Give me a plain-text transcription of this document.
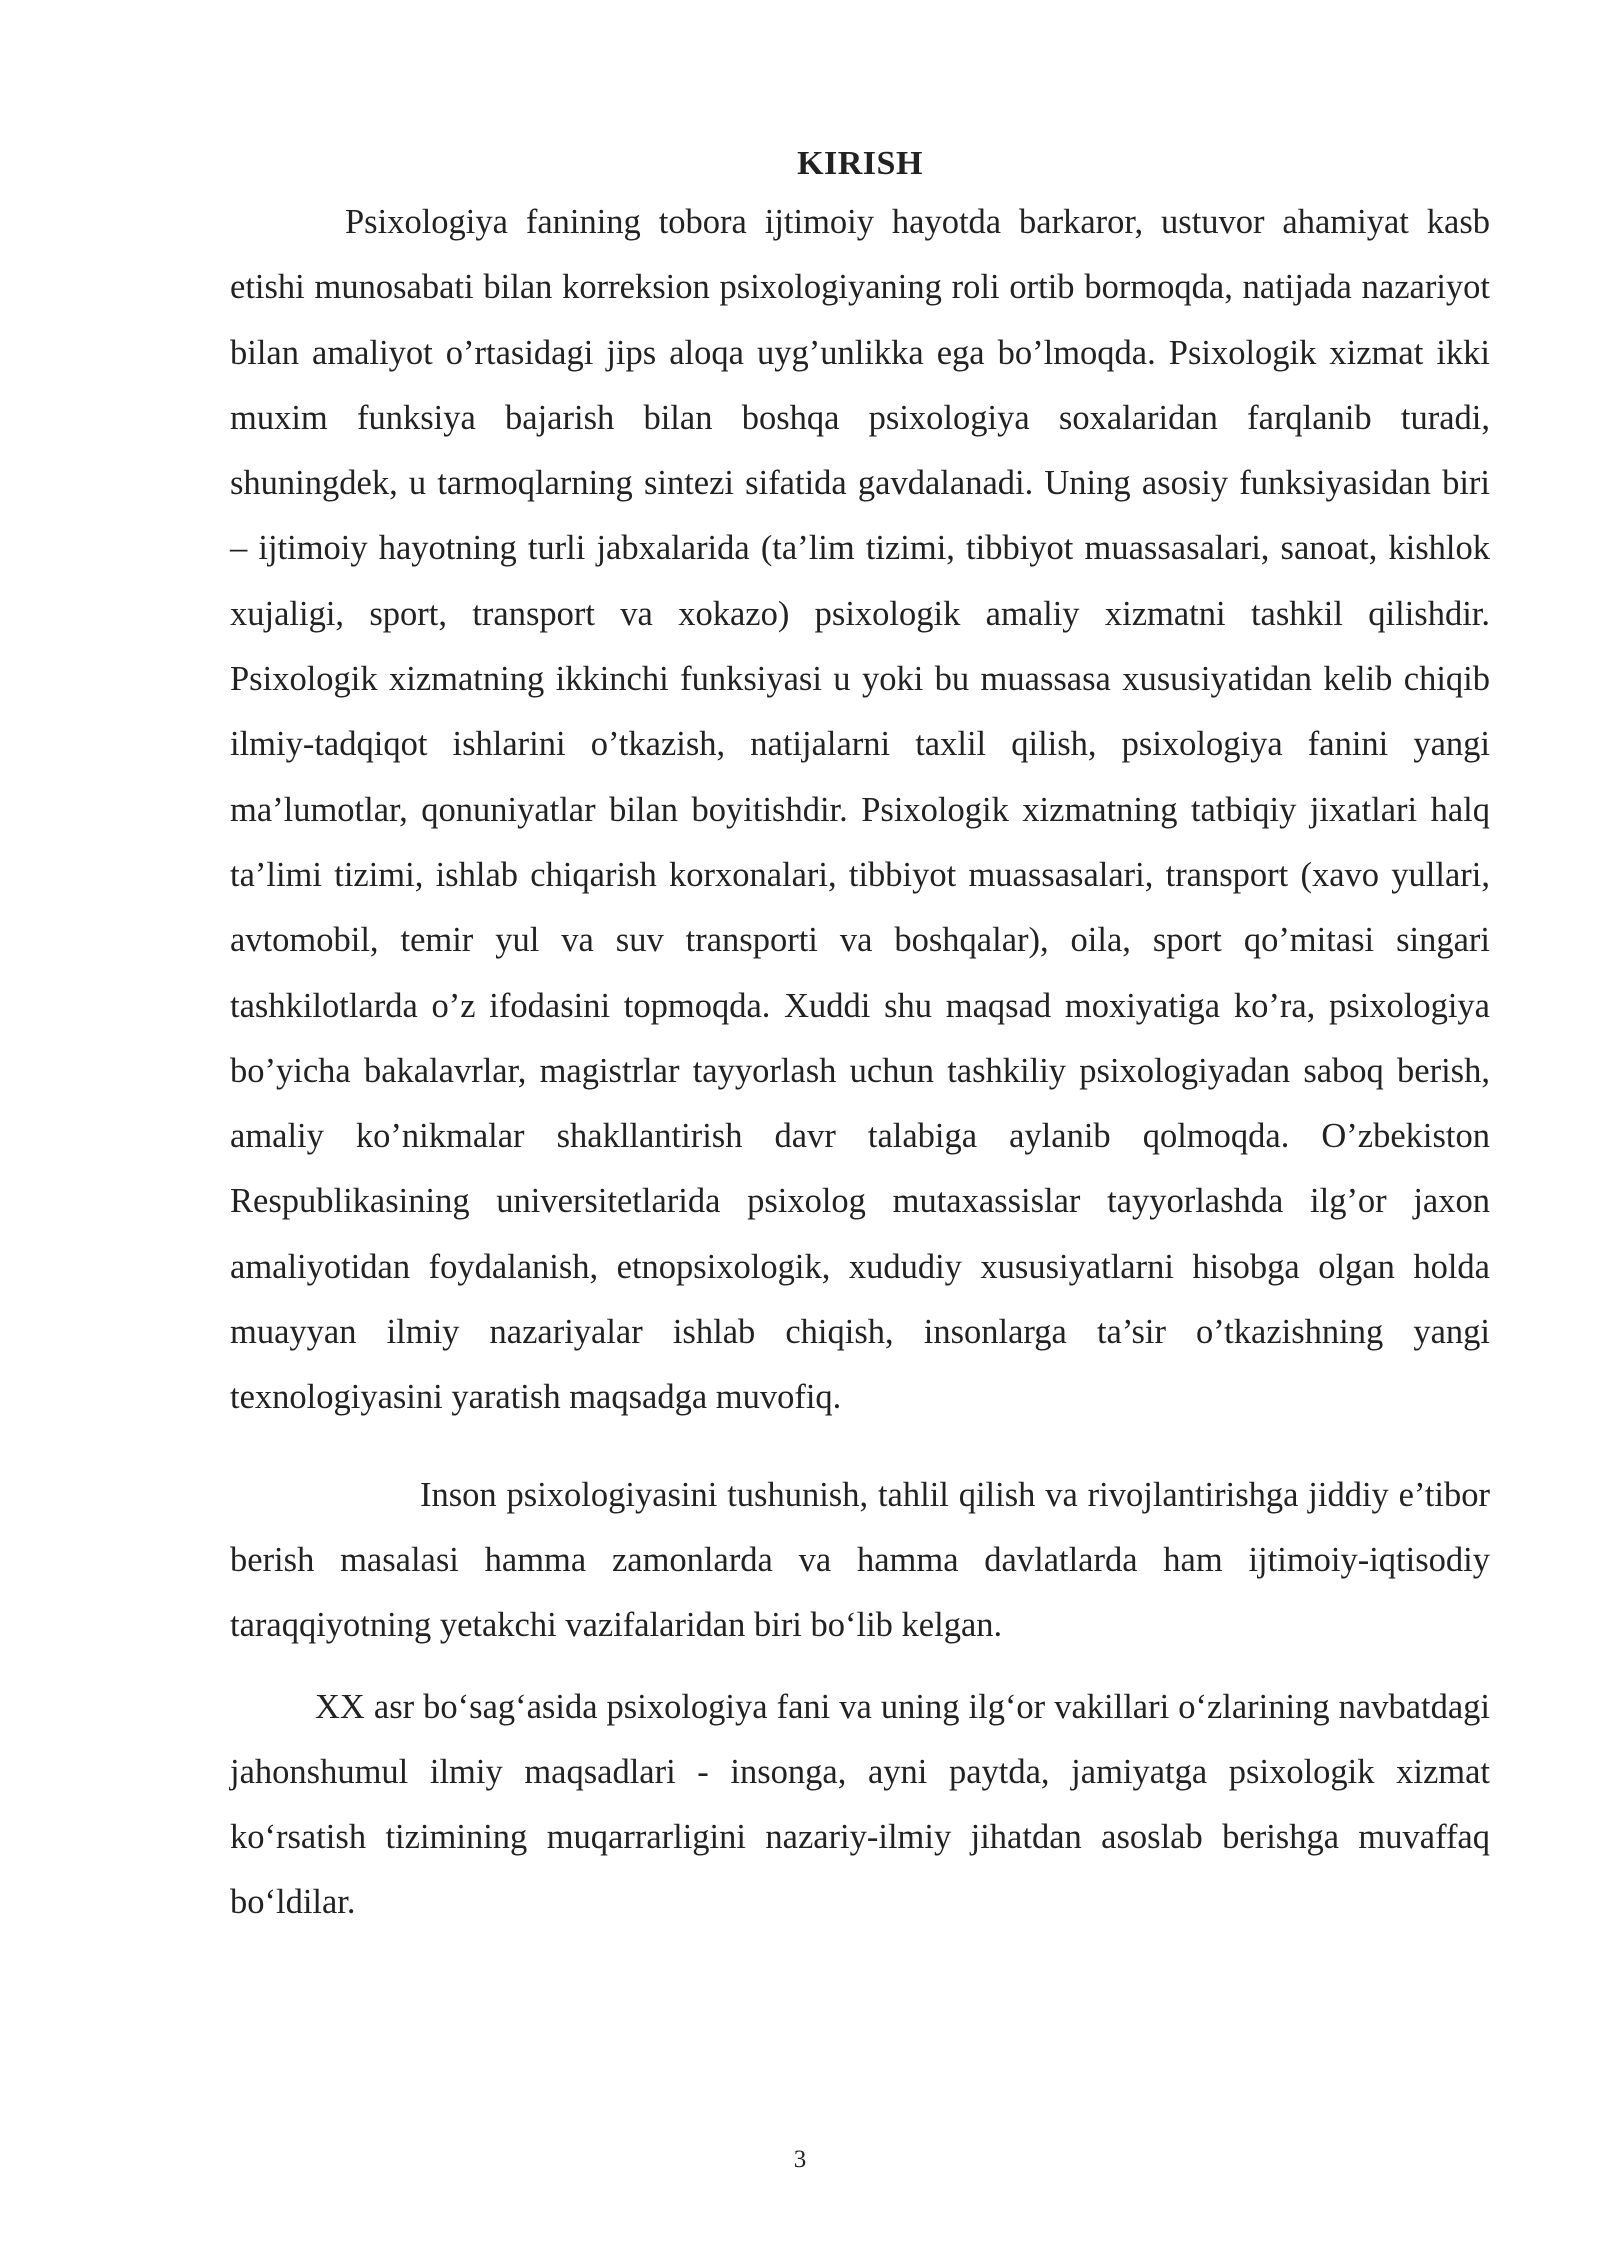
KIRISH

Psixologiya fanining tobora ijtimoiy hayotda barkaror, ustuvor ahamiyat kasb etishi munosabati bilan korreksion psixologiyaning roli ortib bormoqda, natijada nazariyot bilan amaliyot o’rtasidagi jips aloqa uyg’unlikka ega bo’lmoqda. Psixologik xizmat ikki muxim funksiya bajarish bilan boshqa psixologiya soxalaridan farqlanib turadi, shuningdek, u tarmoqlarning sintezi sifatida gavdalanadi. Uning asosiy funksiyasidan biri – ijtimoiy hayotning turli jabxalarida (ta’lim tizimi, tibbiyot muassasalari, sanoat, kishlok xujaligi, sport, transport va xokazo) psixologik amaliy xizmatni tashkil qilishdir. Psixologik xizmatning ikkinchi funksiyasi u yoki bu muassasa xususiyatidan kelib chiqib ilmiy-tadqiqot ishlarini o’tkazish, natijalarni taxlil qilish, psixologiya fanini yangi ma’lumotlar, qonuniyatlar bilan boyitishdir. Psixologik xizmatning tatbiqiy jixatlari halq ta’limi tizimi, ishlab chiqarish korxonalari, tibbiyot muassasalari, transport (xavo yullari, avtomobil, temir yul va suv transporti va boshqalar), oila, sport qo’mitasi singari tashkilotlarda o’z ifodasini topmoqda. Xuddi shu maqsad moxiyatiga ko’ra, psixologiya bo’yicha bakalavrlar, magistrlar tayyorlash uchun tashkiliy psixologiyadan saboq berish, amaliy ko’nikmalar shakllantirish davr talabiga aylanib qolmoqda. O’zbekiston Respublikasining universitetlarida psixolog mutaxassislar tayyorlashda ilg’or jaxon amaliyotidan foydalanish, etnopsixologik, xududiy xususiyatlarni hisobga olgan holda muayyan ilmiy nazariyalar ishlab chiqish, insonlarga ta’sir o’tkazishning yangi texnologiyasini yaratish maqsadga muvofiq.

Inson psixologiyasini tushunish, tahlil qilish va rivojlantirishga jiddiy e’tibor berish masalasi hamma zamonlarda va hamma davlatlarda ham ijtimoiy-iqtisodiy taraqqiyotning yetakchi vazifalaridan biri bo‘lib kelgan.

XX asr bo‘sag‘asida psixologiya fani va uning ilg‘or vakillari o‘zlarining navbatdagi jahonshumul ilmiy maqsadlari - insonga, ayni paytda, jamiyatga psixologik xizmat ko‘rsatish tizimining muqarrarligini nazariy-ilmiy jihatdan asoslab berishga muvaffaq bo‘ldilar.

3
